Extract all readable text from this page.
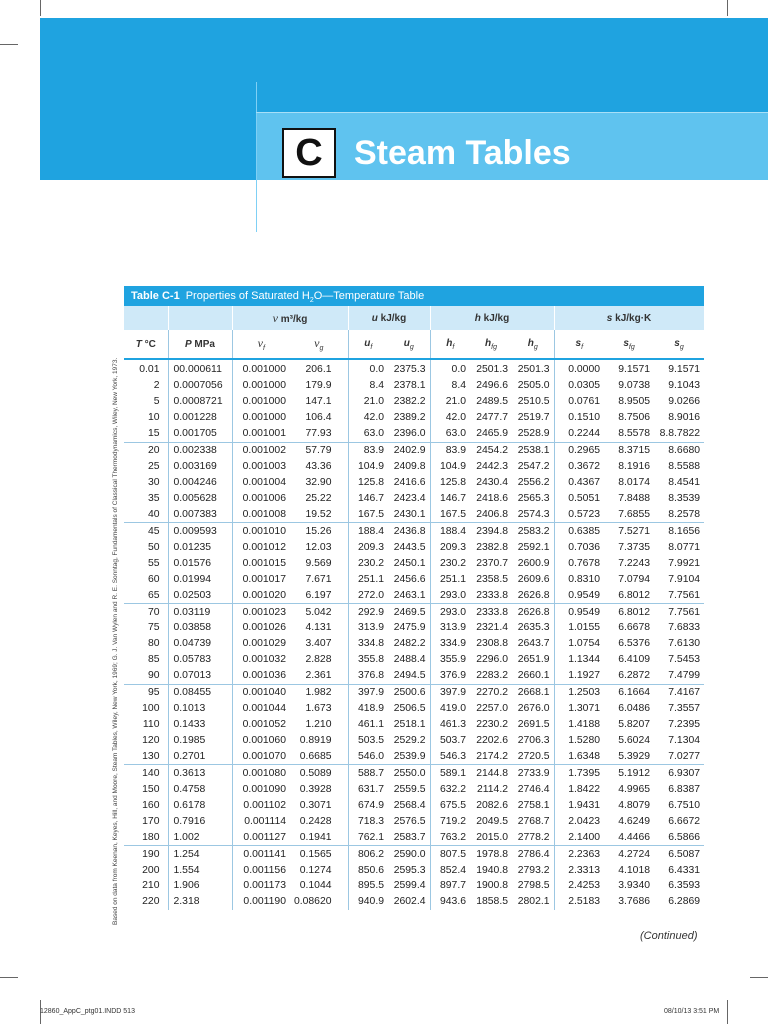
C Steam Tables
Based on data from Keenan, Keyes, Hill, and Moore, Steam Tables, Wiley, New York, 1969; G. J. Van Wylen and R. E. Sonntag, Fundamentals of Classical Thermodynamics, Wiley, New York, 1973.
Table C-1 Properties of Saturated $H_2O—Temperature$ Table
		v m³/kg		u kJ/kg		h kJ/kg			s kJ/kg·K		
T °C	P MPa	$v_f$	$v_g$	$u_f$	$u_g$	$h_f$	$h_{fg}$	$h_g$	$s_f$	$s_{fg}$	$s_g$
0.01	00.000611	0.001000	206.1	0.0	2375.3	0.0	2501.3	2501.3	0.0000	9.1571	9.1571
2	0.0007056	0.001000	179.9	8.4	2378.1	8.4	2496.6	2505.0	0.0305	9.0738	9.1043
5	0.0008721	0.001000	147.1	21.0	2382.2	21.0	2489.5	2510.5	0.0761	8.9505	9.0266
10	0.001228	0.001000	106.4	42.0	2389.2	42.0	2477.7	2519.7	0.1510	8.7506	8.9016
15	0.001705	0.001001	77.93	63.0	2396.0	63.0	2465.9	2528.9	0.2244	8.5578	8.8.7822
20	0.002338	0.001002	57.79	83.9	2402.9	83.9	2454.2	2538.1	0.2965	8.3715	8.6680
25	0.003169	0.001003	43.36	104.9	2409.8	104.9	2442.3	2547.2	0.3672	8.1916	8.5588
30	0.004246	0.001004	32.90	125.8	2416.6	125.8	2430.4	2556.2	0.4367	8.0174	8.4541
35	0.005628	0.001006	25.22	146.7	2423.4	146.7	2418.6	2565.3	0.5051	7.8488	8.3539
40	0.007383	0.001008	19.52	167.5	2430.1	167.5	2406.8	2574.3	0.5723	7.6855	8.2578
45	0.009593	0.001010	15.26	188.4	2436.8	188.4	2394.8	2583.2	0.6385	7.5271	8.1656
50	0.01235	0.001012	12.03	209.3	2443.5	209.3	2382.8	2592.1	0.7036	7.3735	8.0771
55	0.01576	0.001015	9.569	230.2	2450.1	230.2	2370.7	2600.9	0.7678	7.2243	7.9921
60	0.01994	0.001017	7.671	251.1	2456.6	251.1	2358.5	2609.6	0.8310	7.0794	7.9104
65	0.02503	0.001020	6.197	272.0	2463.1	293.0	2333.8	2626.8	0.9549	6.8012	7.7561
70	0.03119	0.001023	5.042	292.9	2469.5	293.0	2333.8	2626.8	0.9549	6.8012	7.7561
75	0.03858	0.001026	4.131	313.9	2475.9	313.9	2321.4	2635.3	1.0155	6.6678	7.6833
80	0.04739	0.001029	3.407	334.8	2482.2	334.9	2308.8	2643.7	1.0754	6.5376	7.6130
85	0.05783	0.001032	2.828	355.8	2488.4	355.9	2296.0	2651.9	1.1344	6.4109	7.5453
90	0.07013	0.001036	2.361	376.8	2494.5	376.9	2283.2	2660.1	1.1927	6.2872	7.4799
95	0.08455	0.001040	1.982	397.9	2500.6	397.9	2270.2	2668.1	1.2503	6.1664	7.4167
100	0.1013	0.001044	1.673	418.9	2506.5	419.0	2257.0	2676.0	1.3071	6.0486	7.3557
110	0.1433	0.001052	1.210	461.1	2518.1	461.3	2230.2	2691.5	1.4188	5.8207	7.2395
120	0.1985	0.001060	0.8919	503.5	2529.2	503.7	2202.6	2706.3	1.5280	5.6024	7.1304
130	0.2701	0.001070	0.6685	546.0	2539.9	546.3	2174.2	2720.5	1.6348	5.3929	7.0277
140	0.3613	0.001080	0.5089	588.7	2550.0	589.1	2144.8	2733.9	1.7395	5.1912	6.9307
150	0.4758	0.001090	0.3928	631.7	2559.5	632.2	2114.2	2746.4	1.8422	4.9965	6.8387
160	0.6178	0.001102	0.3071	674.9	2568.4	675.5	2082.6	2758.1	1.9431	4.8079	6.7510
170	0.7916	0.001114	0.2428	718.3	2576.5	719.2	2049.5	2768.7	2.0423	4.6249	6.6672
180	1.002	0.001127	0.1941	762.1	2583.7	763.2	2015.0	2778.2	2.1400	4.4466	6.5866
190	1.254	0.001141	0.1565	806.2	2590.0	807.5	1978.8	2786.4	2.2363	4.2724	6.5087
200	1.554	0.001156	0.1274	850.6	2595.3	852.4	1940.8	2793.2	2.3313	4.1018	6.4331
210	1.906	0.001173	0.1044	895.5	2599.4	897.7	1900.8	2798.5	2.4253	3.9340	6.3593
220	2.318	0.001190	0.08620	940.9	2602.4	943.6	1858.5	2802.1	2.5183	3.7686	6.2869
(Continued)
12860_AppC_ptg01.INDD 513	08/10/13 3:51 PM
